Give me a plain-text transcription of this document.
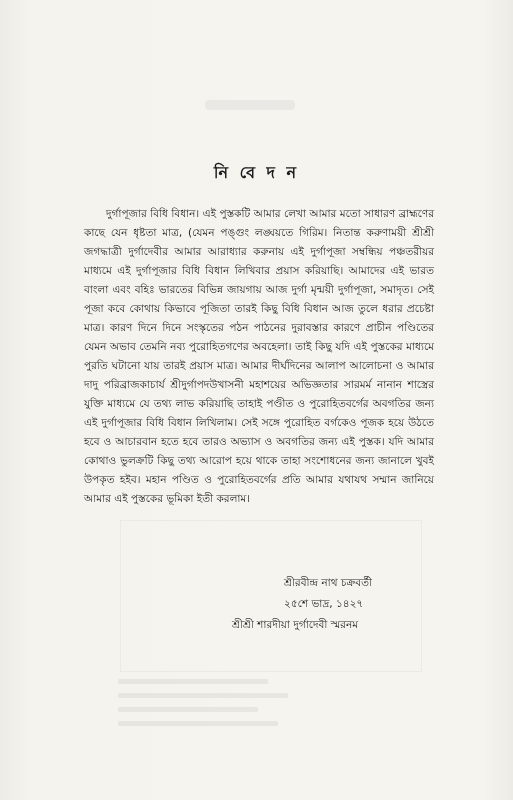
নি বে দ ন

দুর্গাপূজার বিধি বিধান। এই পুস্তকটি আমার লেখা আমার মতো সাধারণ ব্রাহ্মণের কাছে যেন ধৃষ্টতা মাত্র, (যেমন পঙ্গুং লঙ্ঘয়তে গিরিম। নিতান্ত করুণাময়ী শ্রীশ্রী জগদ্ধাত্রী দুর্গাদেবীর আমার আরাধ্যার করুনায় এই দুর্গাপূজা সম্বন্ধিয় পঞ্চতরীয়র মাধ্যমে এই দুর্গাপূজার বিধি বিধান লিখিবার প্রয়াস করিয়াছি। আমাদের এই ভারত বাংলা এবং বহিঃ ভারতের বিভিন্ন জায়গায় আজ দুর্গা মৃন্ময়ী দুর্গাপূজা, সমাদৃত। সেই পূজা কবে কোথায় কিভাবে পূজিতা তারই কিছু বিধি বিধান আজ তুলে ধরার প্রচেষ্টা মাত্র। কারণ দিনে দিনে সংস্কৃতের পঠন পাঠনের দুরাবস্তার কারণে প্রাচীন পণ্ডিতের যেমন অভাব তেমনি নব্য পুরোহিতগণের অবহেলা। তাই কিছু যদি এই পুস্তকের মাধ্যমে পুরতি ঘটানো যায় তারই প্রয়াস মাত্র। আমার দীর্ঘদিনের আলাপ আলোচনা ও আমার দাদু পরিব্রাজকাচার্য শ্রীদুর্গাপদউখাসনী মহাশয়ের অভিজ্ঞতার সারমর্ম নানান শাস্ত্রের যুক্তি মাধ্যমে যে তথ্য লাভ করিয়াছি তাহাই পণ্ডীত ও পুরোহিতবর্গের অবগতির জন্য এই দুর্গাপূজার বিধি বিধান লিখিলাম। সেই সঙ্গে পুরোহিত বর্গকেও পূজক হয়ে উঠতে হবে ও আচারবান হতে হবে তারও অভ্যাস ও অবগতির জন্য এই পুস্তক। যদি আমার কোথাও ভুলক্রটি কিছু তথ্য আরোপ হয়ে থাকে তাহা সংশোধনের জন্য জানালে খুবই উপকৃত হইব। মহান পণ্ডিত ও পুরোহিতবর্গের প্রতি আমার যথাযথ সম্মান জানিয়ে আমার এই পুস্তকের ভূমিকা ইতী করলাম।

শ্রীরবীন্দ্র নাথ চক্রবর্তী
২৫শে ভাদ্র, ১৪২৭
শ্রীশ্রী শারদীয়া দুর্গাদেবী স্মরনম
